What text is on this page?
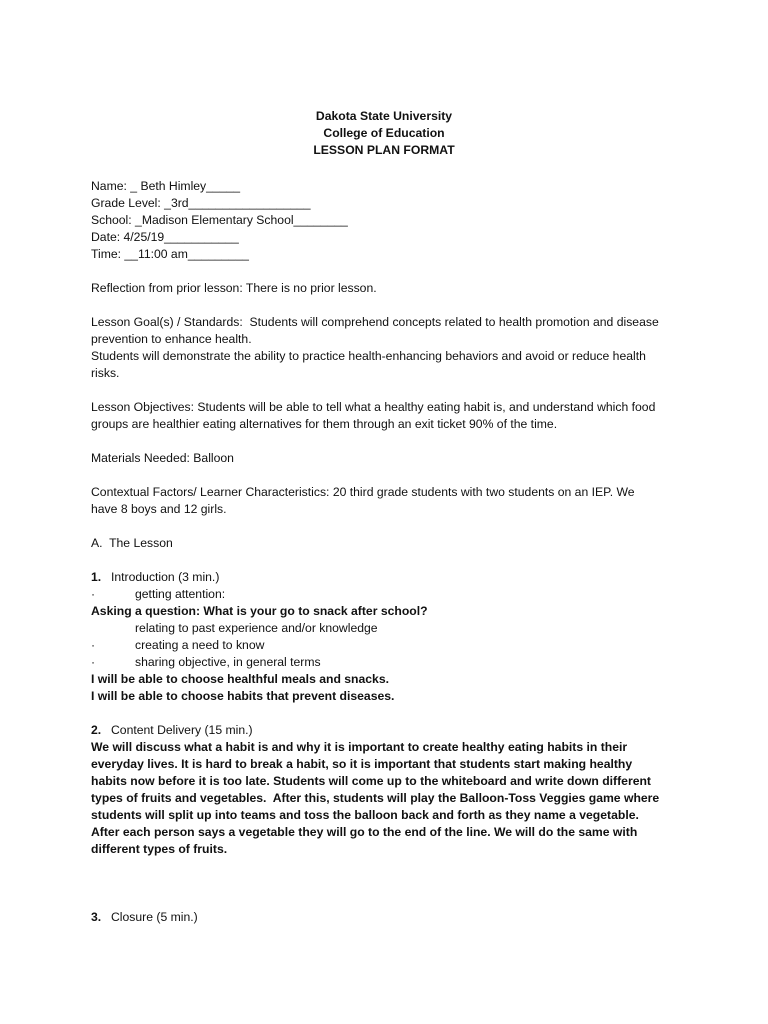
Dakota State University
College of Education
LESSON PLAN FORMAT
Name: _ Beth Himley_____
Grade Level: _3rd__________________
School: _Madison Elementary School________
Date: 4/25/19___________
Time: __11:00 am_________
Reflection from prior lesson: There is no prior lesson.
Lesson Goal(s) / Standards:  Students will comprehend concepts related to health promotion and disease
prevention to enhance health.
Students will demonstrate the ability to practice health-enhancing behaviors and avoid or reduce health
risks.
Lesson Objectives: Students will be able to tell what a healthy eating habit is, and understand which food
groups are healthier eating alternatives for them through an exit ticket 90% of the time.
Materials Needed: Balloon
Contextual Factors/ Learner Characteristics: 20 third grade students with two students on an IEP. We
have 8 boys and 12 girls.
A.  The Lesson
1. Introduction (3 min.)
·	getting attention:
Asking a question: What is your go to snack after school?
relating to past experience and/or knowledge
·	creating a need to know
·	sharing objective, in general terms
I will be able to choose healthful meals and snacks.
I will be able to choose habits that prevent diseases.
2. Content Delivery (15 min.)
We will discuss what a habit is and why it is important to create healthy eating habits in their
everyday lives. It is hard to break a habit, so it is important that students start making healthy
habits now before it is too late. Students will come up to the whiteboard and write down different
types of fruits and vegetables.  After this, students will play the Balloon-Toss Veggies game where
students will split up into teams and toss the balloon back and forth as they name a vegetable.
After each person says a vegetable they will go to the end of the line. We will do the same with
different types of fruits.
3. Closure (5 min.)
